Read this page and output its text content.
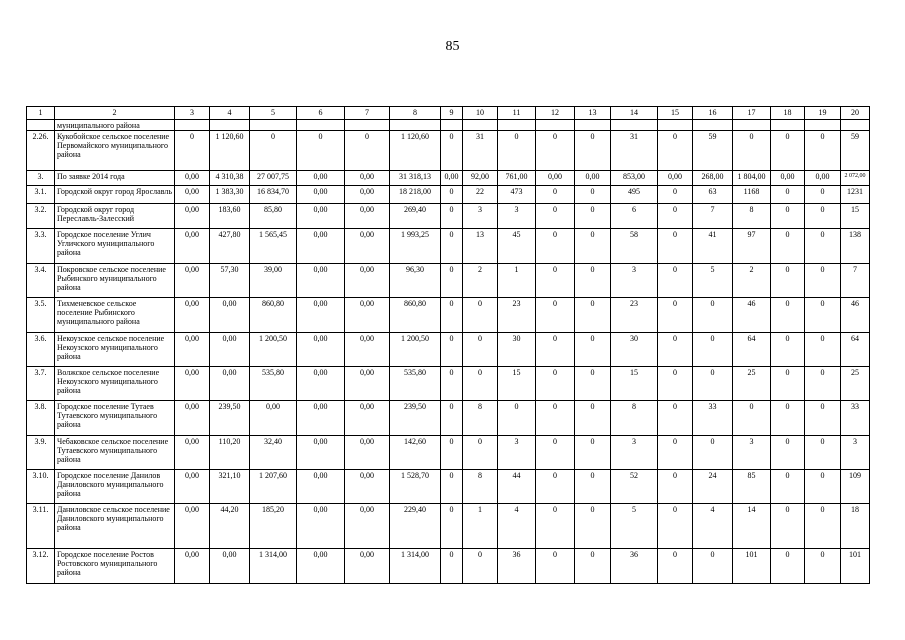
85
1	2	3	4	5	6	7	8	9	10	11	12	13	14	15	16	17	18	19	20
	муниципального района																		
2.26.	Кукобойское сельское поселение Первомайского муниципального района	0	1 120,60	0	0	0	1 120,60	0	31	0	0	0	31	0	59	0	0	0	59
3.	По заявке 2014 года	0,00	4 310,38	27 007,75	0,00	0,00	31 318,13	0,00	92,00	761,00	0,00	0,00	853,00	0,00	268,00	1 804,00	0,00	0,00	2 072,00
3.1.	Городской округ город Ярославль	0,00	1 383,30	16 834,70	0,00	0,00	18 218,00	0	22	473	0	0	495	0	63	1168	0	0	1231
3.2.	Городской округ город Переславль-Залесский	0,00	183,60	85,80	0,00	0,00	269,40	0	3	3	0	0	6	0	7	8	0	0	15
3.3.	Городское поселение Углич Угличского муниципального района	0,00	427,80	1 565,45	0,00	0,00	1 993,25	0	13	45	0	0	58	0	41	97	0	0	138
3.4.	Покровское сельское поселение Рыбинского муниципального района	0,00	57,30	39,00	0,00	0,00	96,30	0	2	1	0	0	3	0	5	2	0	0	7
3.5.	Тихменевское сельское поселение Рыбинского муниципального района	0,00	0,00	860,80	0,00	0,00	860,80	0	0	23	0	0	23	0	0	46	0	0	46
3.6.	Некоузское сельское поселение Некоузского муниципального района	0,00	0,00	1 200,50	0,00	0,00	1 200,50	0	0	30	0	0	30	0	0	64	0	0	64
3.7.	Волжское сельское поселение Некоузского муниципального района	0,00	0,00	535,80	0,00	0,00	535,80	0	0	15	0	0	15	0	0	25	0	0	25
3.8.	Городское поселение Тутаев Тутаевского муниципального района	0,00	239,50	0,00	0,00	0,00	239,50	0	8	0	0	0	8	0	33	0	0	0	33
3.9.	Чебаковское сельское поселение Тутаевского муниципального района	0,00	110,20	32,40	0,00	0,00	142,60	0	0	3	0	0	3	0	0	3	0	0	3
3.10.	Городское поселение Данилов Даниловского муниципального района	0,00	321,10	1 207,60	0,00	0,00	1 528,70	0	8	44	0	0	52	0	24	85	0	0	109
3.11.	Даниловское сельское поселение Даниловского муниципального района	0,00	44,20	185,20	0,00	0,00	229,40	0	1	4	0	0	5	0	4	14	0	0	18
3.12.	Городское поселение Ростов Ростовского муниципального района	0,00	0,00	1 314,00	0,00	0,00	1 314,00	0	0	36	0	0	36	0	0	101	0	0	101
